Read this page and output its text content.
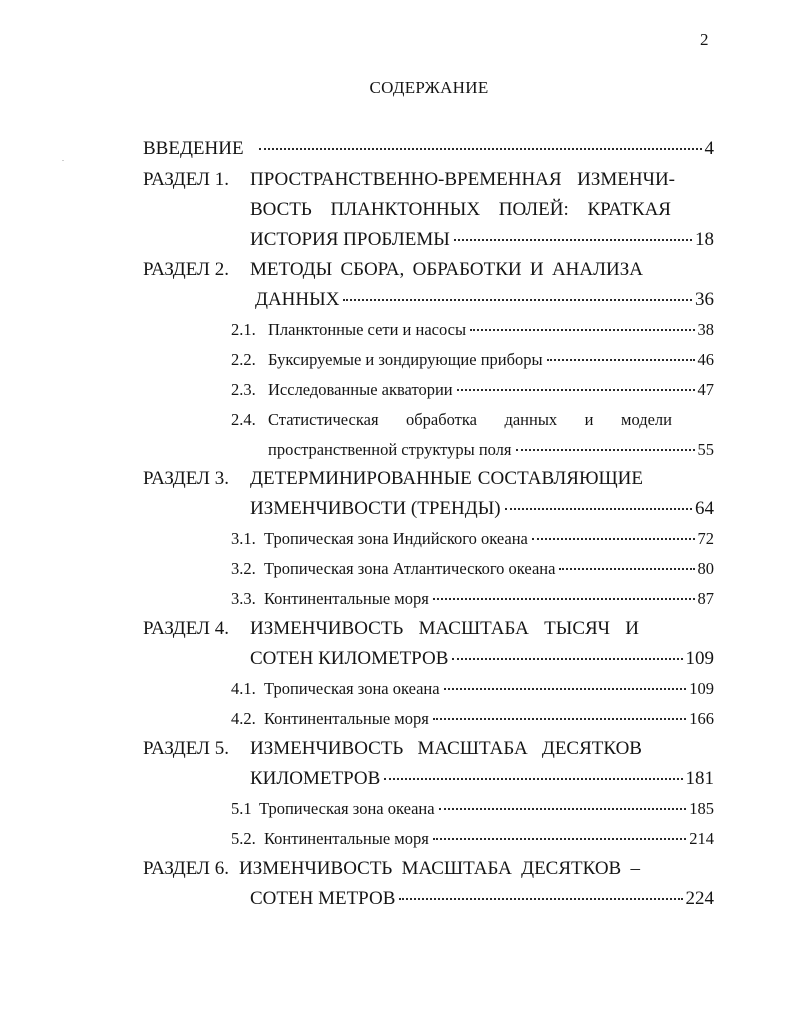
2
СОДЕРЖАНИЕ
ВВЕДЕНИЕ	4
РАЗДЕЛ 1.	ПРОСТРАНСТВЕННО-ВРЕМЕННАЯ ИЗМЕНЧИ-
ВОСТЬ ПЛАНКТОННЫХ ПОЛЕЙ: КРАТКАЯ
ИСТОРИЯ ПРОБЛЕМЫ	18
РАЗДЕЛ 2.	МЕТОДЫ СБОРА, ОБРАБОТКИ И АНАЛИЗА
ДАННЫХ	36
2.1. Планктонные сети и насосы	38
2.2. Буксируемые и зондирующие приборы	46
2.3. Исследованные акватории	47
2.4. Статистическая обработка данных и модели
пространственной структуры поля	55
РАЗДЕЛ 3.	ДЕТЕРМИНИРОВАННЫЕ СОСТАВЛЯЮЩИЕ
ИЗМЕНЧИВОСТИ (ТРЕНДЫ)	64
3.1. Тропическая зона Индийского океана	72
3.2. Тропическая зона Атлантического океана	80
3.3. Континентальные моря	87
РАЗДЕЛ 4.	ИЗМЕНЧИВОСТЬ МАСШТАБА ТЫСЯЧ И
СОТЕН КИЛОМЕТРОВ	109
4.1. Тропическая зона океана	109
4.2. Континентальные моря	166
РАЗДЕЛ 5.	ИЗМЕНЧИВОСТЬ МАСШТАБА ДЕСЯТКОВ
КИЛОМЕТРОВ	181
5.1 Тропическая зона океана	185
5.2. Континентальные моря	214
РАЗДЕЛ 6. ИЗМЕНЧИВОСТЬ МАСШТАБА ДЕСЯТКОВ –
СОТЕН МЕТРОВ	224
